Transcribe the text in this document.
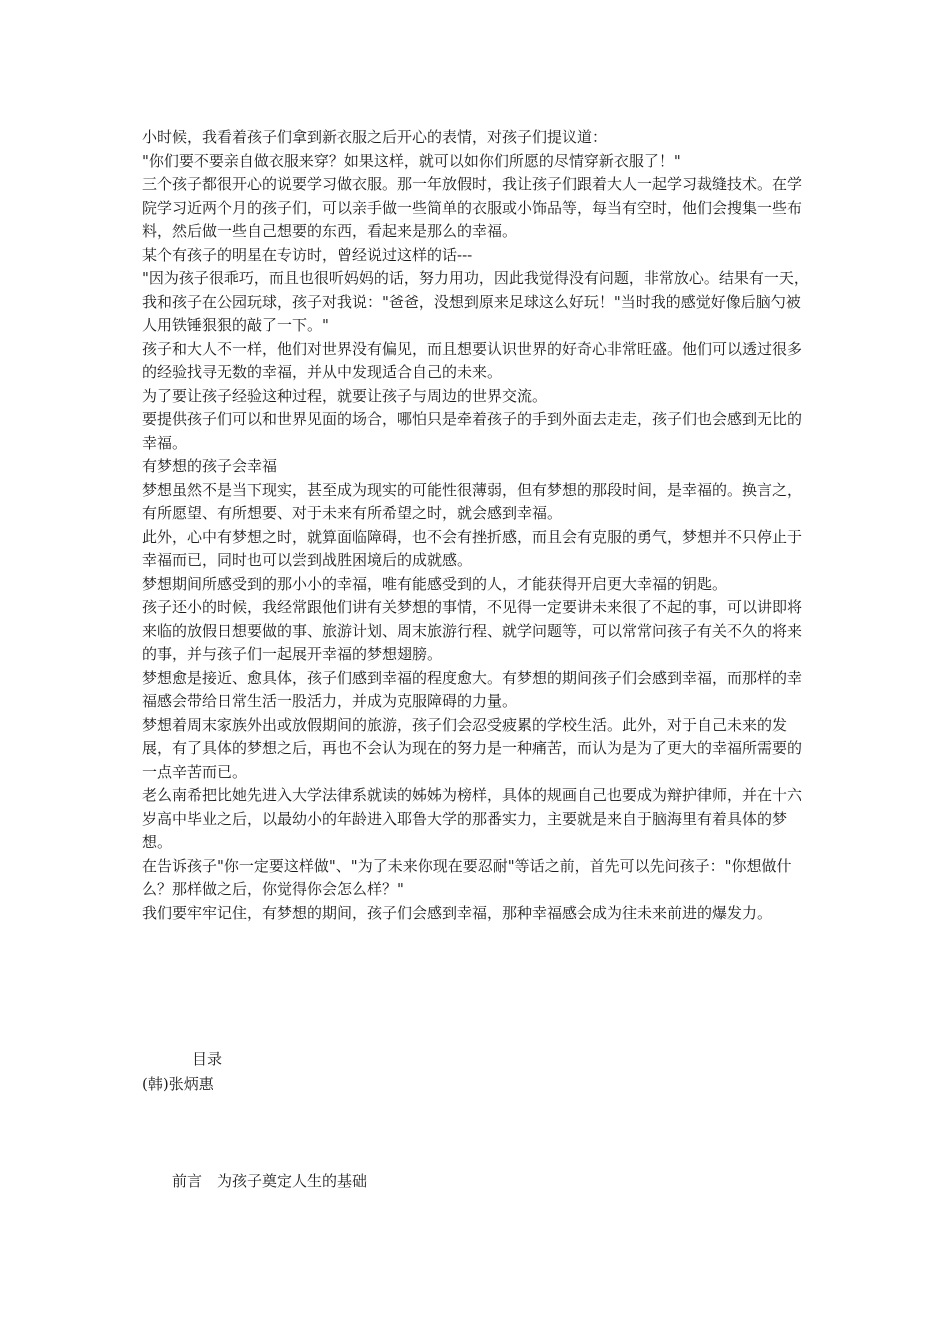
小时候，我看着孩子们拿到新衣服之后开心的表情，对孩子们提议道：

"你们要不要亲自做衣服来穿？如果这样，就可以如你们所愿的尽情穿新衣服了！"

三个孩子都很开心的说要学习做衣服。那一年放假时，我让孩子们跟着大人一起学习裁缝技术。在学院学习近两个月的孩子们，可以亲手做一些简单的衣服或小饰品等，每当有空时，他们会搜集一些布料，然后做一些自己想要的东西，看起来是那么的幸福。

某个有孩子的明星在专访时，曾经说过这样的话---

"因为孩子很乖巧，而且也很听妈妈的话，努力用功，因此我觉得没有问题，非常放心。结果有一天，我和孩子在公园玩球，孩子对我说："爸爸，没想到原来足球这么好玩！"当时我的感觉好像后脑勺被人用铁锤狠狠的敲了一下。"

孩子和大人不一样，他们对世界没有偏见，而且想要认识世界的好奇心非常旺盛。他们可以透过很多的经验找寻无数的幸福，并从中发现适合自己的未来。

为了要让孩子经验这种过程，就要让孩子与周边的世界交流。

要提供孩子们可以和世界见面的场合，哪怕只是牵着孩子的手到外面去走走，孩子们也会感到无比的幸福。

有梦想的孩子会幸福

梦想虽然不是当下现实，甚至成为现实的可能性很薄弱，但有梦想的那段时间，是幸福的。换言之，有所愿望、有所想要、对于未来有所希望之时，就会感到幸福。

此外，心中有梦想之时，就算面临障碍，也不会有挫折感，而且会有克服的勇气，梦想并不只停止于幸福而已，同时也可以尝到战胜困境后的成就感。

梦想期间所感受到的那小小的幸福，唯有能感受到的人，才能获得开启更大幸福的钥匙。

孩子还小的时候，我经常跟他们讲有关梦想的事情，不见得一定要讲未来很了不起的事，可以讲即将来临的放假日想要做的事、旅游计划、周末旅游行程、就学问题等，可以常常问孩子有关不久的将来的事，并与孩子们一起展开幸福的梦想翅膀。

梦想愈是接近、愈具体，孩子们感到幸福的程度愈大。有梦想的期间孩子们会感到幸福，而那样的幸福感会带给日常生活一股活力，并成为克服障碍的力量。

梦想着周末家族外出或放假期间的旅游，孩子们会忍受疲累的学校生活。此外，对于自己未来的发展，有了具体的梦想之后，再也不会认为现在的努力是一种痛苦，而认为是为了更大的幸福所需要的一点辛苦而已。

老么南希把比她先进入大学法律系就读的姊姊为榜样，具体的规画自己也要成为辩护律师，并在十六岁高中毕业之后，以最幼小的年龄进入耶鲁大学的那番实力，主要就是来自于脑海里有着具体的梦想。

在告诉孩子"你一定要这样做"、"为了未来你现在要忍耐"等话之前，首先可以先问孩子："你想做什么？那样做之后，你觉得你会怎么样？"

我们要牢牢记住，有梦想的期间，孩子们会感到幸福，那种幸福感会成为往未来前进的爆发力。

目录
(韩)张炳惠
前言　为孩子奠定人生的基础
